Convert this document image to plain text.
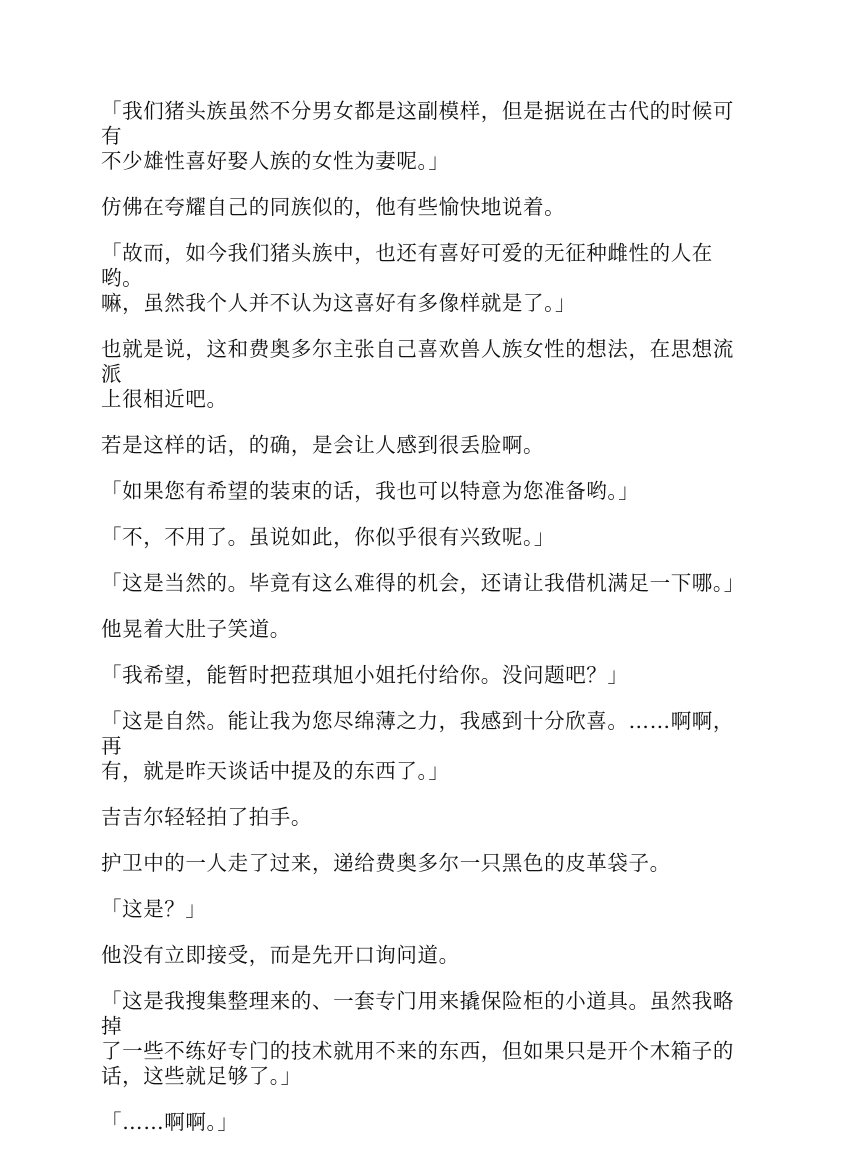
「我们猪头族虽然不分男女都是这副模样，但是据说在古代的时候可有
不少雄性喜好娶人族的女性为妻呢。」

仿佛在夸耀自己的同族似的，他有些愉快地说着。

「故而，如今我们猪头族中，也还有喜好可爱的无征种雌性的人在哟。
嘛，虽然我个人并不认为这喜好有多像样就是了。」

也就是说，这和费奥多尔主张自己喜欢兽人族女性的想法，在思想流派
上很相近吧。

若是这样的话，的确，是会让人感到很丢脸啊。

「如果您有希望的装束的话，我也可以特意为您准备哟。」

「不，不用了。虽说如此，你似乎很有兴致呢。」

「这是当然的。毕竟有这么难得的机会，还请让我借机满足一下哪。」

他晃着大肚子笑道。

「我希望，能暂时把菈琪旭小姐托付给你。没问题吧？」

「这是自然。能让我为您尽绵薄之力，我感到十分欣喜。……啊啊，再
有，就是昨天谈话中提及的东西了。」

吉吉尔轻轻拍了拍手。

护卫中的一人走了过来，递给费奥多尔一只黑色的皮革袋子。

「这是？」

他没有立即接受，而是先开口询问道。

「这是我搜集整理来的、一套专门用来撬保险柜的小道具。虽然我略掉
了一些不练好专门的技术就用不来的东西，但如果只是开个木箱子的
话，这些就足够了。」

「……啊啊。」
